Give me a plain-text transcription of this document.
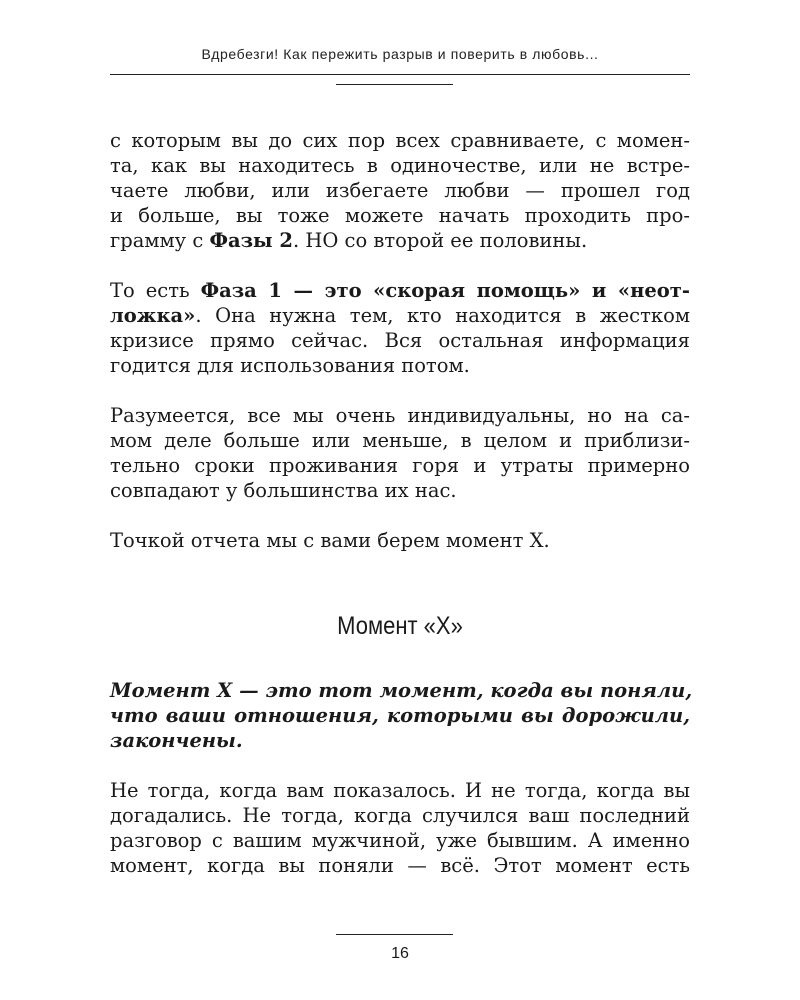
Вдребезги! Как пережить разрыв и поверить в любовь...
с которым вы до сих пор всех сравниваете, с момен-
та, как вы находитесь в одиночестве, или не встре-
чаете любви, или избегаете любви — прошел год
и больше, вы тоже можете начать проходить про-
грамму с Фазы 2. НО со второй ее половины.
То есть Фаза 1 — это «скорая помощь» и «неот-
ложка». Она нужна тем, кто находится в жестком
кризисе прямо сейчас. Вся остальная информация
годится для использования потом.
Разумеется, все мы очень индивидуальны, но на са-
мом деле больше или меньше, в целом и приблизи-
тельно сроки проживания горя и утраты примерно
совпадают у большинства их нас.
Точкой отчета мы с вами берем момент Х.
Момент «Х»
Момент Х — это тот момент, когда вы поняли,
что ваши отношения, которыми вы дорожили,
закончены.
Не тогда, когда вам показалось. И не тогда, когда вы
догадались. Не тогда, когда случился ваш последний
разговор с вашим мужчиной, уже бывшим. А именно
момент, когда вы поняли — всё. Этот момент есть
16
